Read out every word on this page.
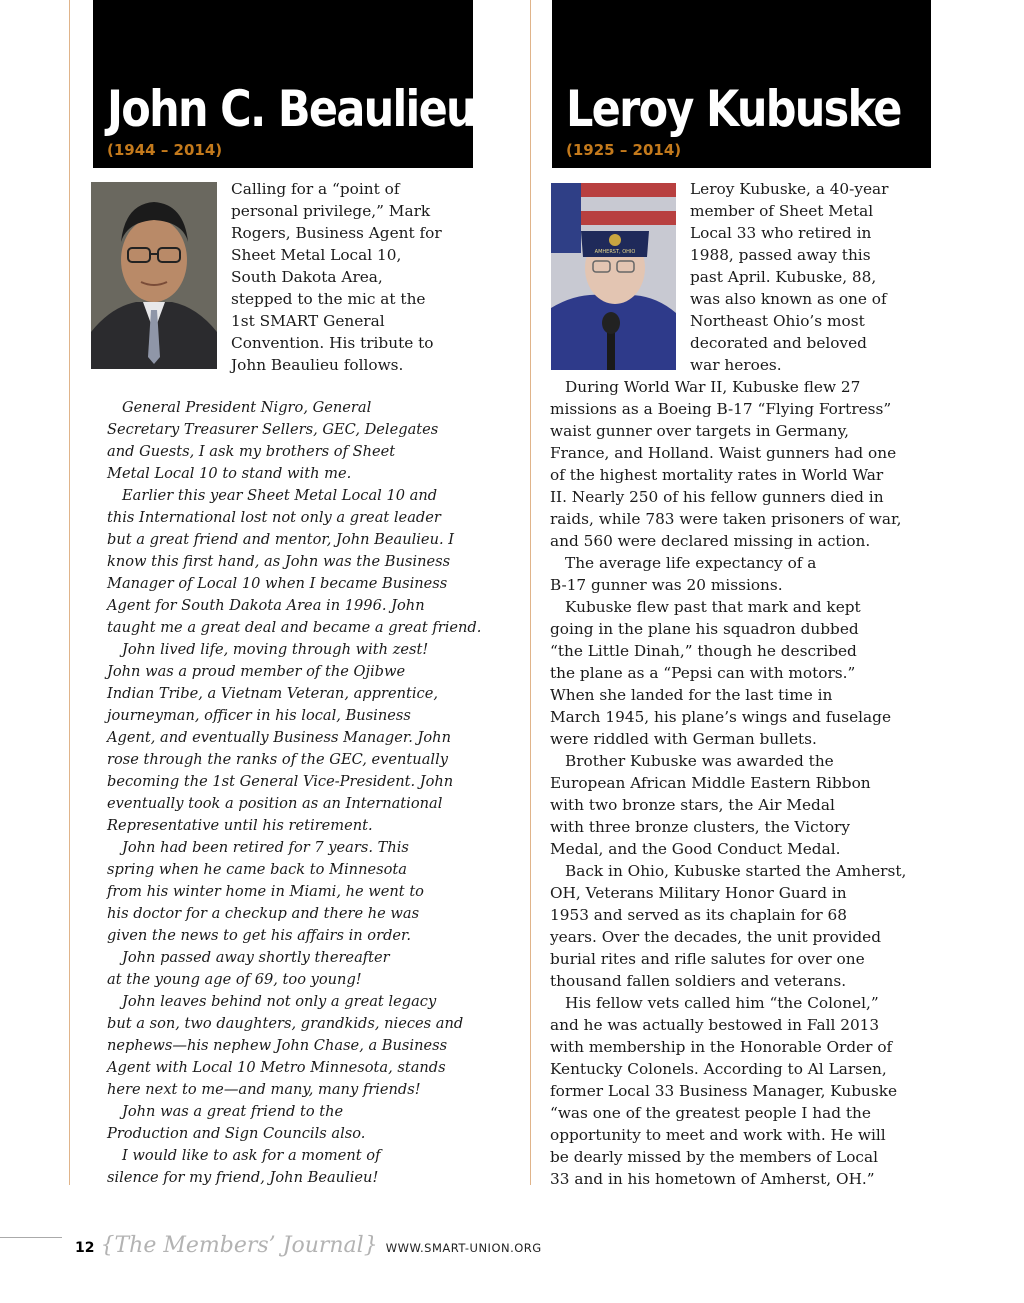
John C. Beaulieu
(1944 – 2014)
Leroy Kubuske
(1925 – 2014)
Calling for a “point of
personal privilege,” Mark
Rogers, Business Agent for
Sheet Metal Local 10,
South Dakota Area,
stepped to the mic at the
1st SMART General
Convention. His tribute to
John Beaulieu follows.
General President Nigro, General
Secretary Treasurer Sellers, GEC, Delegates
and Guests, I ask my brothers of Sheet
Metal Local 10 to stand with me.
Earlier this year Sheet Metal Local 10 and
this International lost not only a great leader
but a great friend and mentor, John Beaulieu. I
know this first hand, as John was the Business
Manager of Local 10 when I became Business
Agent for South Dakota Area in 1996. John
taught me a great deal and became a great friend.
John lived life, moving through with zest!
John was a proud member of the Ojibwe
Indian Tribe, a Vietnam Veteran, apprentice,
journeyman, officer in his local, Business
Agent, and eventually Business Manager. John
rose through the ranks of the GEC, eventually
becoming the 1st General Vice-President. John
eventually took a position as an International
Representative until his retirement.
John had been retired for 7 years. This
spring when he came back to Minnesota
from his winter home in Miami, he went to
his doctor for a checkup and there he was
given the news to get his affairs in order.
John passed away shortly thereafter
at the young age of 69, too young!
John leaves behind not only a great legacy
but a son, two daughters, grandkids, nieces and
nephews—his nephew John Chase, a Business
Agent with Local 10 Metro Minnesota, stands
here next to me—and many, many friends!
John was a great friend to the
Production and Sign Councils also.
I would like to ask for a moment of
silence for my friend, John Beaulieu!
AMHERST, OHIO
Leroy Kubuske, a 40-year
member of Sheet Metal
Local 33 who retired in
1988, passed away this
past April. Kubuske, 88,
was also known as one of
Northeast Ohio’s most
decorated and beloved
war heroes.
During World War II, Kubuske flew 27
missions as a Boeing B-17 “Flying Fortress”
waist gunner over targets in Germany,
France, and Holland. Waist gunners had one
of the highest mortality rates in World War
II. Nearly 250 of his fellow gunners died in
raids, while 783 were taken prisoners of war,
and 560 were declared missing in action.
The average life expectancy of a
B-17 gunner was 20 missions.
Kubuske flew past that mark and kept
going in the plane his squadron dubbed
“the Little Dinah,” though he described
the plane as a “Pepsi can with motors.”
When she landed for the last time in
March 1945, his plane’s wings and fuselage
were riddled with German bullets.
Brother Kubuske was awarded the
European African Middle Eastern Ribbon
with two bronze stars, the Air Medal
with three bronze clusters, the Victory
Medal, and the Good Conduct Medal.
Back in Ohio, Kubuske started the Amherst,
OH, Veterans Military Honor Guard in
1953 and served as its chaplain for 68
years. Over the decades, the unit provided
burial rites and rifle salutes for over one
thousand fallen soldiers and veterans.
His fellow vets called him “the Colonel,”
and he was actually bestowed in Fall 2013
with membership in the Honorable Order of
Kentucky Colonels. According to Al Larsen,
former Local 33 Business Manager, Kubuske
“was one of the greatest people I had the
opportunity to meet and work with. He will
be dearly missed by the members of Local
33 and in his hometown of Amherst, OH.”
12 {The Members’ Journal} WWW.SMART-UNION.ORG
